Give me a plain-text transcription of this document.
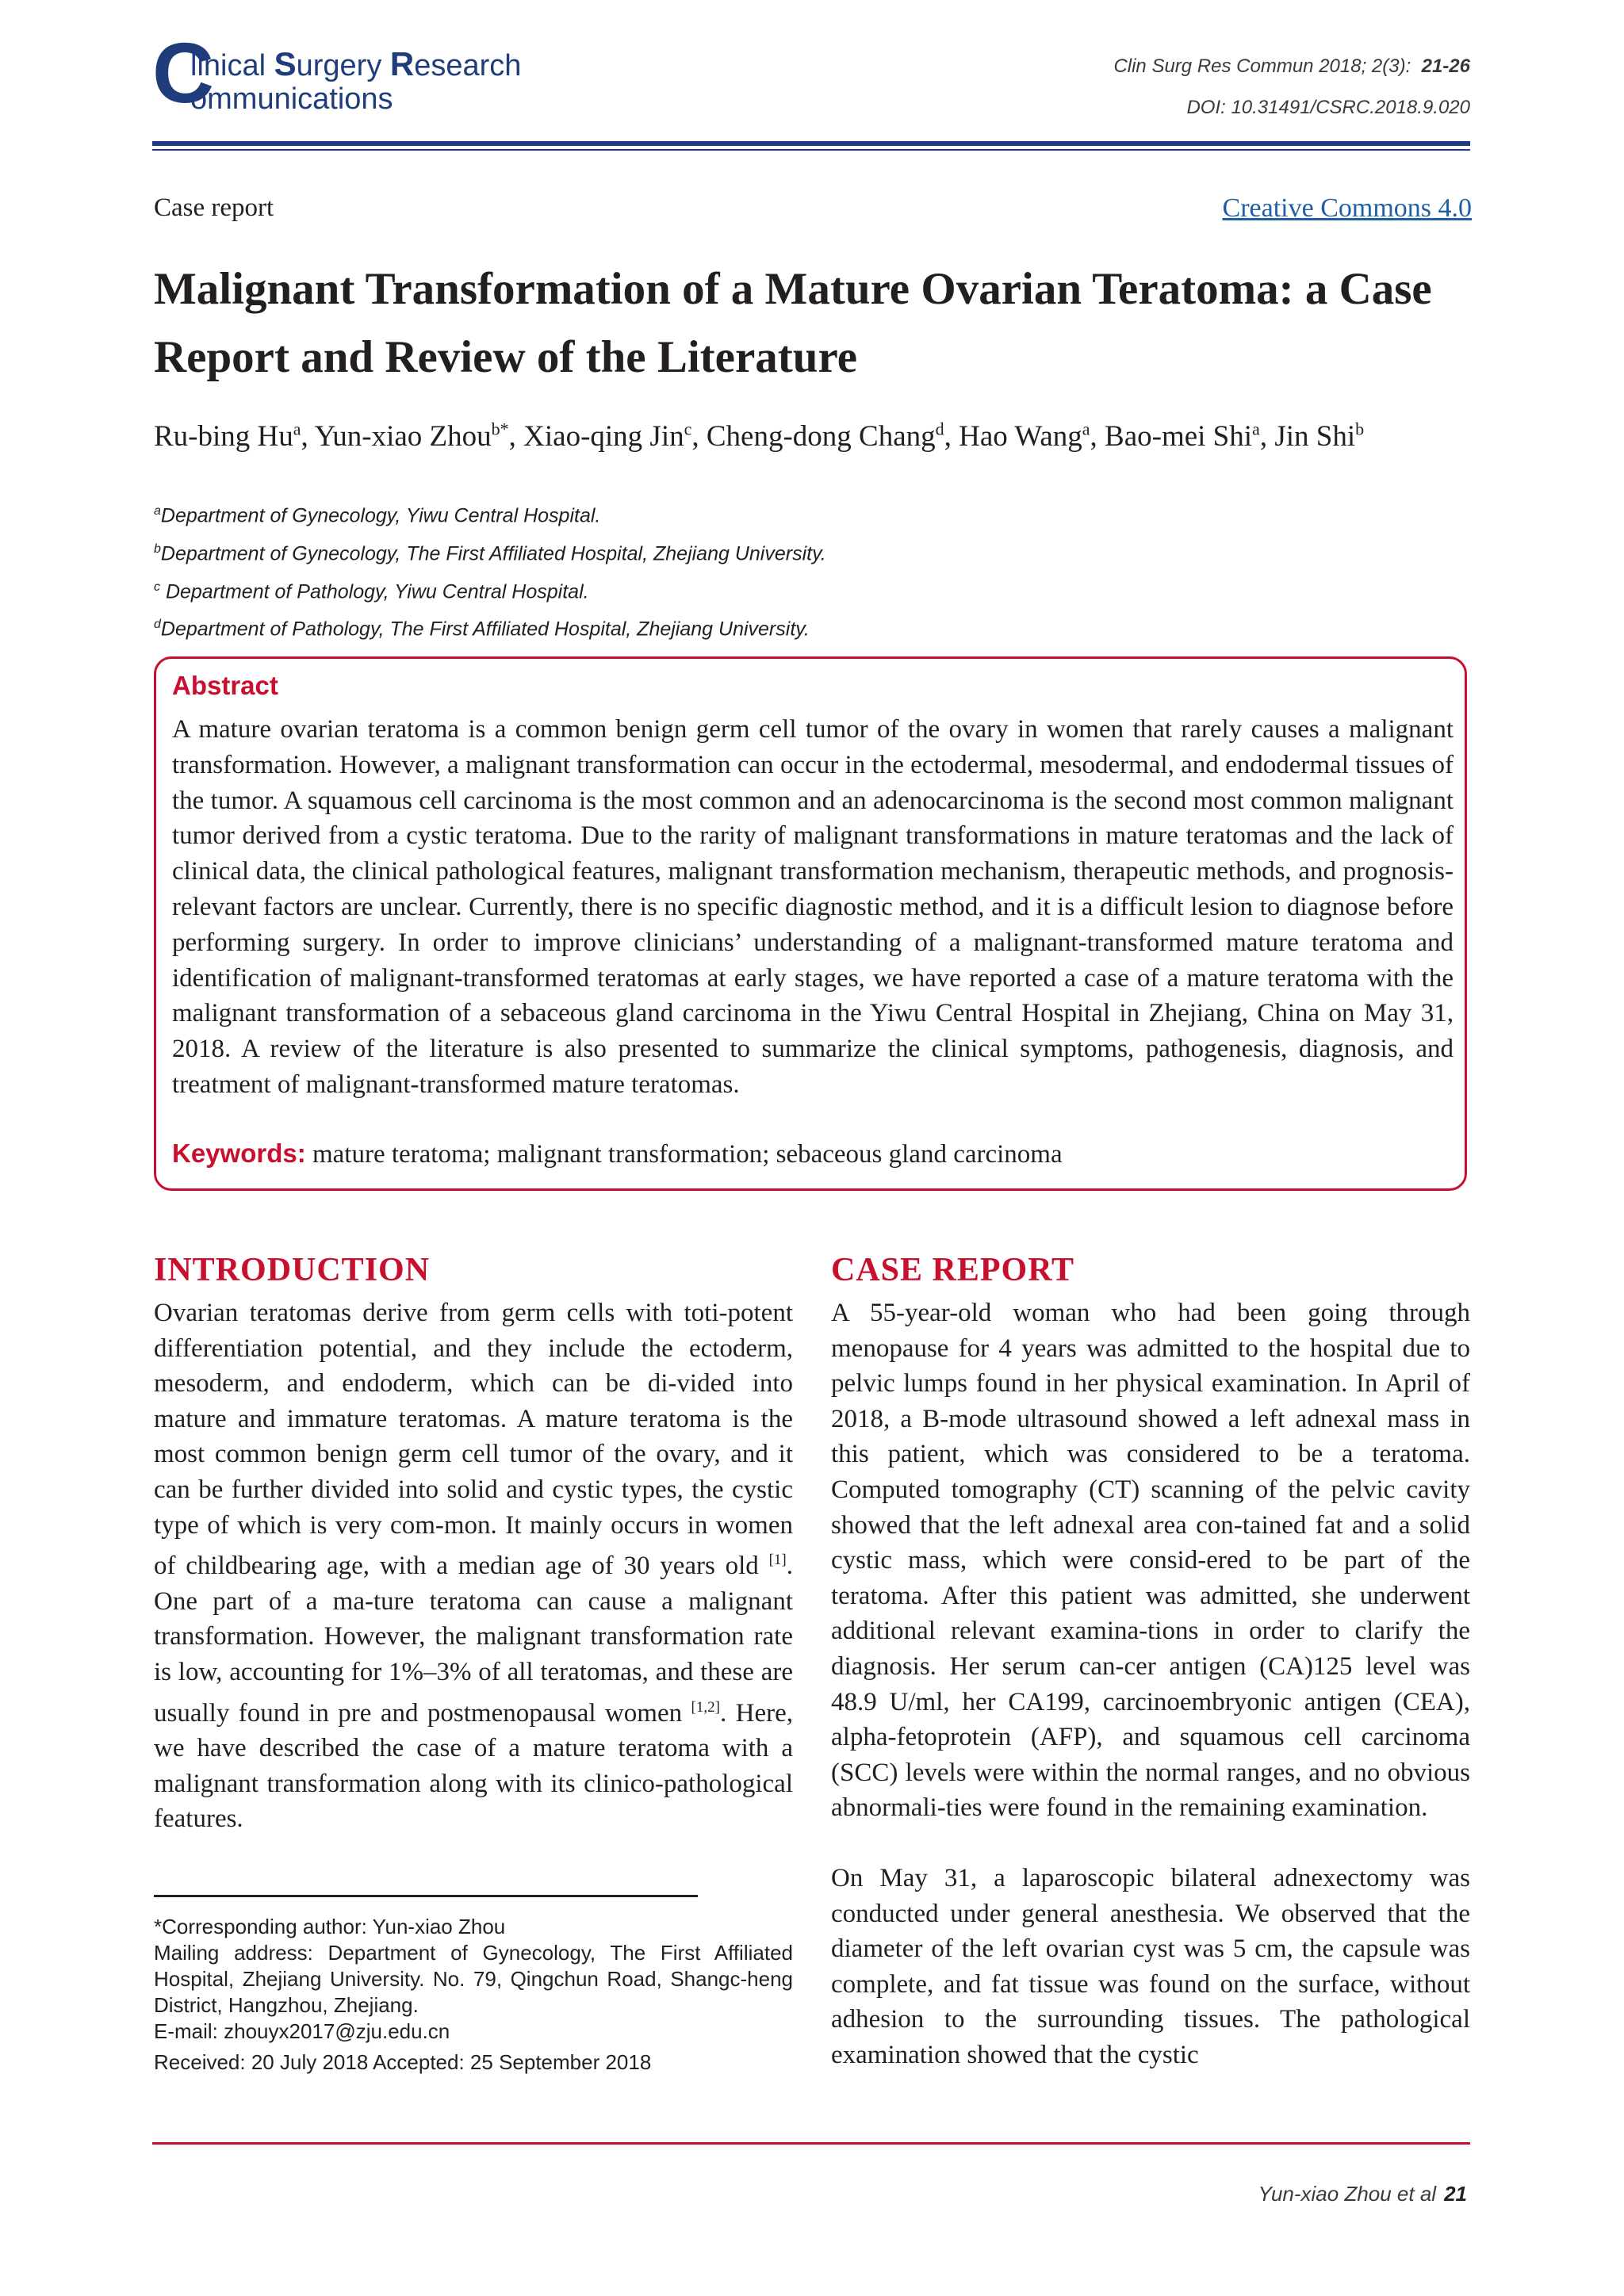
C
linical Surgery Research
ommunications
Clin Surg Res Commun 2018; 2(3): 21-26
DOI: 10.31491/CSRC.2018.9.020
Case report	Creative Commons 4.0
Malignant Transformation of a Mature Ovarian Teratoma: a Case Report and Review of the Literature
Ru-bing Hu$^a$, Yun-xiao Zhou$^{b*}$, Xiao-qing Jin$^c$, Cheng-dong Chang$^d$, Hao Wang$^a$, Bao-mei Shi$^a$, Jin Shi$^b$
$^a$Department of Gynecology, Yiwu Central Hospital.
$^b$Department of Gynecology, The First Affiliated Hospital, Zhejiang University.
$^c$ Department of Pathology, Yiwu Central Hospital.
$^d$Department of Pathology, The First Affiliated Hospital, Zhejiang University.
Abstract

A mature ovarian teratoma is a common benign germ cell tumor of the ovary in women that rarely causes a malignant transformation. However, a malignant transformation can occur in the ectodermal, mesodermal, and endodermal tissues of the tumor. A squamous cell carcinoma is the most common and an adenocarcinoma is the second most common malignant tumor derived from a cystic teratoma. Due to the rarity of malignant transformations in mature teratomas and the lack of clinical data, the clinical pathological features, malignant transformation mechanism, therapeutic methods, and prognosis-relevant factors are unclear. Currently, there is no specific diagnostic method, and it is a difficult lesion to diagnose before performing surgery. In order to improve clinicians’ understanding of a malignant-transformed mature teratoma and identification of malignant-transformed teratomas at early stages, we have reported a case of a mature teratoma with the malignant transformation of a sebaceous gland carcinoma in the Yiwu Central Hospital in Zhejiang, China on May 31, 2018. A review of the literature is also presented to summarize the clinical symptoms, pathogenesis, diagnosis, and treatment of malignant-transformed mature teratomas.

Keywords: mature teratoma; malignant transformation; sebaceous gland carcinoma
INTRODUCTION

Ovarian teratomas derive from germ cells with toti-potent differentiation potential, and they include the ectoderm, mesoderm, and endoderm, which can be di-vided into mature and immature teratomas. A mature teratoma is the most common benign germ cell tumor of the ovary, and it can be further divided into solid and cystic types, the cystic type of which is very com-mon. It mainly occurs in women of childbearing age, with a median age of 30 years old [1]. One part of a ma-ture teratoma can cause a malignant transformation. However, the malignant transformation rate is low, accounting for 1%–3% of all teratomas, and these are usually found in pre and postmenopausal women [1,2]. Here, we have described the case of a mature teratoma with a malignant transformation along with its clinico-pathological features.

*Corresponding author: Yun-xiao Zhou

Mailing address: Department of Gynecology, The First Affiliated Hospital, Zhejiang University. No. 79, Qingchun Road, Shangc-heng District, Hangzhou, Zhejiang.

E-mail: zhouyx2017@zju.edu.cn

Received: 20 July 2018 Accepted: 25 September 2018

CASE REPORT

A 55-year-old woman who had been going through menopause for 4 years was admitted to the hospital due to pelvic lumps found in her physical examination. In April of 2018, a B-mode ultrasound showed a left adnexal mass in this patient, which was considered to be a teratoma. Computed tomography (CT) scanning of the pelvic cavity showed that the left adnexal area con-tained fat and a solid cystic mass, which were consid-ered to be part of the teratoma. After this patient was admitted, she underwent additional relevant examina-tions in order to clarify the diagnosis. Her serum can-cer antigen (CA)125 level was 48.9 U/ml, her CA199, carcinoembryonic antigen (CEA), alpha-fetoprotein (AFP), and squamous cell carcinoma (SCC) levels were within the normal ranges, and no obvious abnormali-ties were found in the remaining examination.

On May 31, a laparoscopic bilateral adnexectomy was conducted under general anesthesia. We observed that the diameter of the left ovarian cyst was 5 cm, the capsule was complete, and fat tissue was found on the surface, without adhesion to the surrounding tissues. The pathological examination showed that the cystic

Yun-xiao Zhou et al 21
